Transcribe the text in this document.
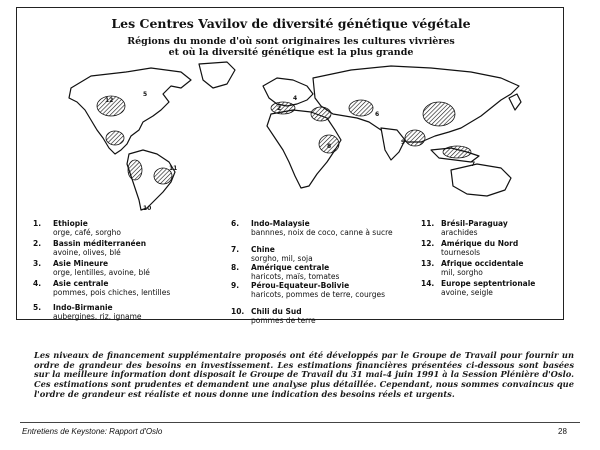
Les Centres Vavilov de diversité génétique végétale
Régions du monde d'où sont originaires les cultures vivrières
et où la diversité génétique est la plus grande
12
5
11
10
4
2
6
8
9
7
1. Ethiopie
orge, café, sorgho
2. Bassin méditerranéen
avoine, olives, blé
3. Asie Mineure
orge, lentilles, avoine, blé
4. Asie centrale
pommes, pois chiches, lentilles
5. Indo-Birmanie
aubergines, riz, igname
6. Indo-Malaysie
bannnes, noix de coco, canne à sucre
7. Chine
sorgho, mil, soja
8. Amérique centrale
haricots, maïs, tomates
9. Pérou-Equateur-Bolivie
haricots, pommes de terre, courges
10. Chili du Sud
pommes de terre
11. Brésil-Paraguay
arachides
12. Amérique du Nord
tournesols
13. Afrique occidentale
mil, sorgho
14. Europe septentrionale
avoine, seigle
Les niveaux de financement supplémentaire proposés ont été développés par le Groupe de Travail pour fournir un ordre de grandeur des besoins en investissement. Les estimations financières présentées ci-dessous sont basées sur la meilleure information dont disposait le Groupe de Travail du 31 mai-4 juin 1991 à la Session Plénière d'Oslo. Ces estimations sont prudentes et demandent une analyse plus détaillée. Cependant, nous sommes convaincus que l'ordre de grandeur est réaliste et nous donne une indication des besoins réels et urgents.
Entretiens de Keystone: Rapport d'Oslo	28
